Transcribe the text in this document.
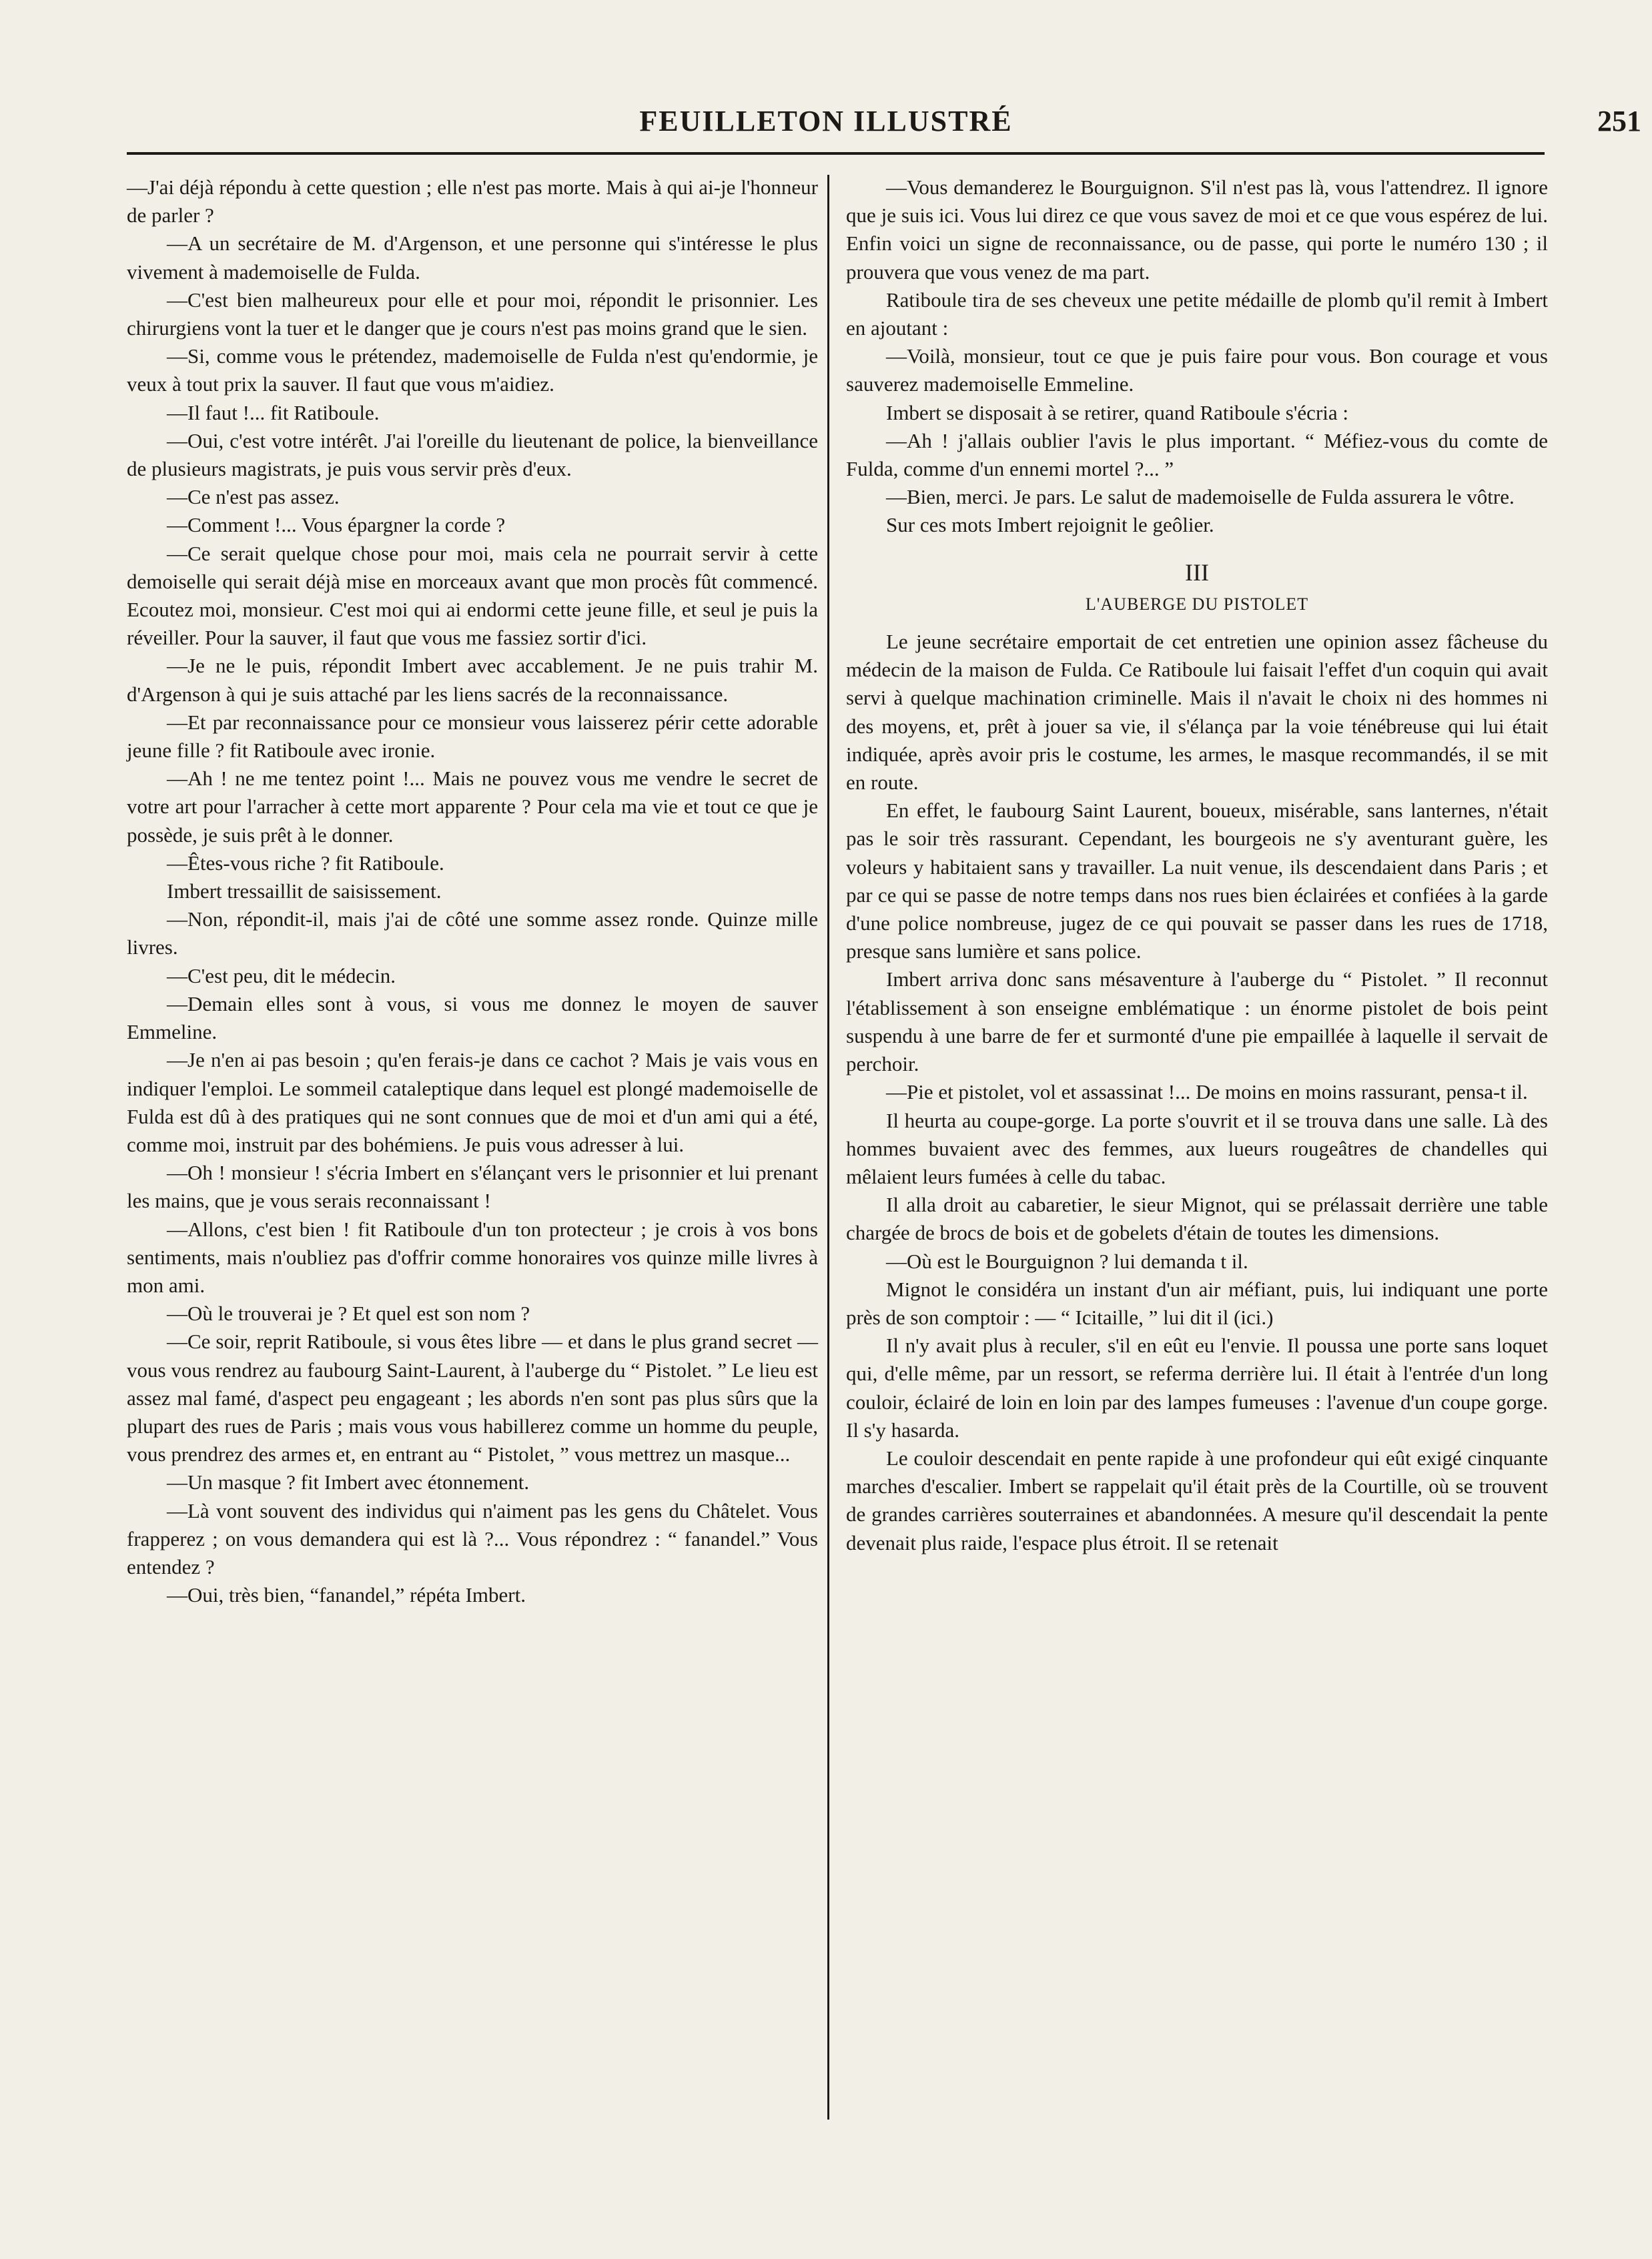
FEUILLETON ILLUSTRÉ	251

—J'ai déjà répondu à cette question ; elle n'est pas morte. Mais à qui ai-je l'honneur de parler ?

—A un secrétaire de M. d'Argenson, et une personne qui s'intéresse le plus vivement à mademoiselle de Fulda.

—C'est bien malheureux pour elle et pour moi, répondit le prisonnier. Les chirurgiens vont la tuer et le danger que je cours n'est pas moins grand que le sien.

—Si, comme vous le prétendez, mademoiselle de Fulda n'est qu'endormie, je veux à tout prix la sauver. Il faut que vous m'aidiez.

—Il faut !... fit Ratiboule.

—Oui, c'est votre intérêt. J'ai l'oreille du lieutenant de police, la bienveillance de plusieurs magistrats, je puis vous servir près d'eux.

—Ce n'est pas assez.

—Comment !... Vous épargner la corde ?

—Ce serait quelque chose pour moi, mais cela ne pourrait servir à cette demoiselle qui serait déjà mise en morceaux avant que mon procès fût commencé. Ecoutez moi, monsieur. C'est moi qui ai endormi cette jeune fille, et seul je puis la réveiller. Pour la sauver, il faut que vous me fassiez sortir d'ici.

—Je ne le puis, répondit Imbert avec accablement. Je ne puis trahir M. d'Argenson à qui je suis attaché par les liens sacrés de la reconnaissance.

—Et par reconnaissance pour ce monsieur vous laisserez périr cette adorable jeune fille ? fit Ratiboule avec ironie.

—Ah ! ne me tentez point !... Mais ne pouvez vous me vendre le secret de votre art pour l'arracher à cette mort apparente ? Pour cela ma vie et tout ce que je possède, je suis prêt à le donner.

—Êtes-vous riche ? fit Ratiboule.

Imbert tressaillit de saisissement.

—Non, répondit-il, mais j'ai de côté une somme assez ronde. Quinze mille livres.

—C'est peu, dit le médecin.

—Demain elles sont à vous, si vous me donnez le moyen de sauver Emmeline.

—Je n'en ai pas besoin ; qu'en ferais-je dans ce cachot ? Mais je vais vous en indiquer l'emploi. Le sommeil cataleptique dans lequel est plongé mademoiselle de Fulda est dû à des pratiques qui ne sont connues que de moi et d'un ami qui a été, comme moi, instruit par des bohémiens. Je puis vous adresser à lui.

—Oh ! monsieur ! s'écria Imbert en s'élançant vers le prisonnier et lui prenant les mains, que je vous serais reconnaissant !

—Allons, c'est bien ! fit Ratiboule d'un ton protecteur ; je crois à vos bons sentiments, mais n'oubliez pas d'offrir comme honoraires vos quinze mille livres à mon ami.

—Où le trouverai je ? Et quel est son nom ?

—Ce soir, reprit Ratiboule, si vous êtes libre — et dans le plus grand secret — vous vous rendrez au faubourg Saint-Laurent, à l'auberge du “ Pistolet. ” Le lieu est assez mal famé, d'aspect peu engageant ; les abords n'en sont pas plus sûrs que la plupart des rues de Paris ; mais vous vous habillerez comme un homme du peuple, vous prendrez des armes et, en entrant au “ Pistolet, ” vous mettrez un masque...

—Un masque ? fit Imbert avec étonnement.

—Là vont souvent des individus qui n'aiment pas les gens du Châtelet. Vous frapperez ; on vous demandera qui est là ?... Vous répondrez : “ fanandel.” Vous entendez ?

—Oui, très bien, “fanandel,” répéta Imbert.

—Vous demanderez le Bourguignon. S'il n'est pas là, vous l'attendrez. Il ignore que je suis ici. Vous lui direz ce que vous savez de moi et ce que vous espérez de lui. Enfin voici un signe de reconnaissance, ou de passe, qui porte le numéro 130 ; il prouvera que vous venez de ma part.

Ratiboule tira de ses cheveux une petite médaille de plomb qu'il remit à Imbert en ajoutant :

—Voilà, monsieur, tout ce que je puis faire pour vous. Bon courage et vous sauverez mademoiselle Emmeline.

Imbert se disposait à se retirer, quand Ratiboule s'écria :

—Ah ! j'allais oublier l'avis le plus important. “ Méfiez-vous du comte de Fulda, comme d'un ennemi mortel ?... ”

—Bien, merci. Je pars. Le salut de mademoiselle de Fulda assurera le vôtre.

Sur ces mots Imbert rejoignit le geôlier.

III
L'AUBERGE DU PISTOLET

Le jeune secrétaire emportait de cet entretien une opinion assez fâcheuse du médecin de la maison de Fulda. Ce Ratiboule lui faisait l'effet d'un coquin qui avait servi à quelque machination criminelle. Mais il n'avait le choix ni des hommes ni des moyens, et, prêt à jouer sa vie, il s'élança par la voie ténébreuse qui lui était indiquée, après avoir pris le costume, les armes, le masque recommandés, il se mit en route.

En effet, le faubourg Saint Laurent, boueux, misérable, sans lanternes, n'était pas le soir très rassurant. Cependant, les bourgeois ne s'y aventurant guère, les voleurs y habitaient sans y travailler. La nuit venue, ils descendaient dans Paris ; et par ce qui se passe de notre temps dans nos rues bien éclairées et confiées à la garde d'une police nombreuse, jugez de ce qui pouvait se passer dans les rues de 1718, presque sans lumière et sans police.

Imbert arriva donc sans mésaventure à l'auberge du “ Pistolet. ” Il reconnut l'établissement à son enseigne emblématique : un énorme pistolet de bois peint suspendu à une barre de fer et surmonté d'une pie empaillée à laquelle il servait de perchoir.

—Pie et pistolet, vol et assassinat !... De moins en moins rassurant, pensa-t il.

Il heurta au coupe-gorge. La porte s'ouvrit et il se trouva dans une salle. Là des hommes buvaient avec des femmes, aux lueurs rougeâtres de chandelles qui mêlaient leurs fumées à celle du tabac.

Il alla droit au cabaretier, le sieur Mignot, qui se prélassait derrière une table chargée de brocs de bois et de gobelets d'étain de toutes les dimensions.

—Où est le Bourguignon ? lui demanda t il.

Mignot le considéra un instant d'un air méfiant, puis, lui indiquant une porte près de son comptoir : — “ Icitaille, ” lui dit il (ici.)

Il n'y avait plus à reculer, s'il en eût eu l'envie. Il poussa une porte sans loquet qui, d'elle même, par un ressort, se referma derrière lui. Il était à l'entrée d'un long couloir, éclairé de loin en loin par des lampes fumeuses : l'avenue d'un coupe gorge. Il s'y hasarda.

Le couloir descendait en pente rapide à une profondeur qui eût exigé cinquante marches d'escalier. Imbert se rappelait qu'il était près de la Courtille, où se trouvent de grandes carrières souterraines et abandonnées. A mesure qu'il descendait la pente devenait plus raide, l'espace plus étroit. Il se retenait
